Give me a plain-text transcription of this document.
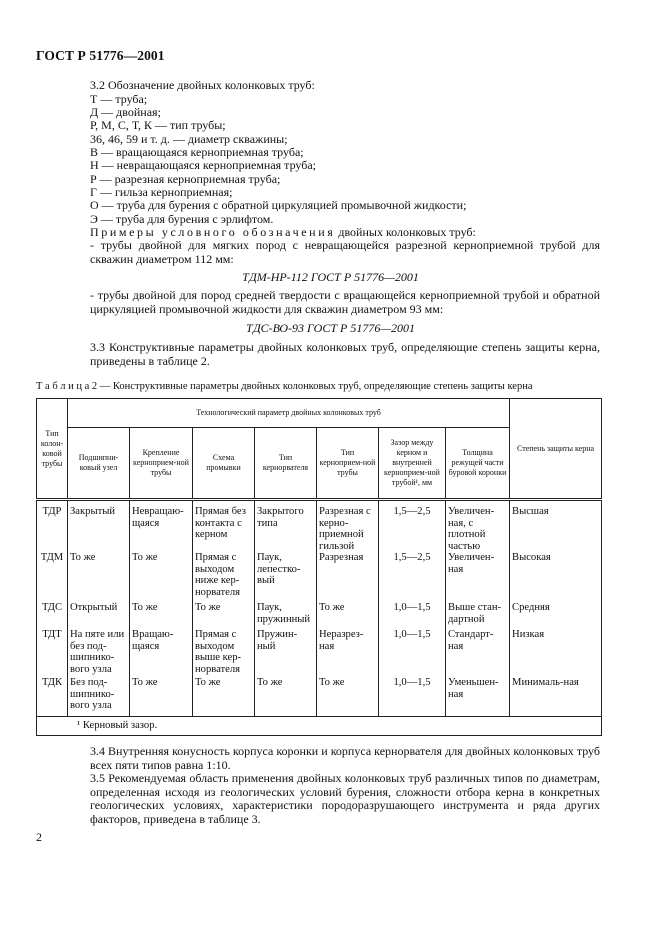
ГОСТ Р 51776—2001
3.2 Обозначение двойных колонковых труб:
Т — труба;
Д — двойная;
Р, М, С, Т, К — тип трубы;
36, 46, 59 и т. д. — диаметр скважины;
В — вращающаяся кернoприемная труба;
Н — невращающаяся кернoприемная труба;
Р — разрезная кернoприемная труба;
Г — гильза кернoприемная;
О — труба для бурения с обратной циркуляцией промывочной жидкости;
Э — труба для бурения с эрлифтом.
Примеры условного обозначения двойных колонковых труб:
- трубы двойной для мягких пород с невращающейся разрезной кернoприемной трубой для скважин диаметром 112 мм:
ТДМ-НР-112 ГОСТ Р 51776—2001
- трубы двойной для пород средней твердости с вращающейся кернoприемной трубой и обратной циркуляцией промывочной жидкости для скважин диаметром 93 мм:
ТДС-ВО-93 ГОСТ Р 51776—2001
3.3 Конструктивные параметры двойных колонковых труб, определяющие степень защиты керна, приведены в таблице 2.
Т а б л и ц а 2 — Конструктивные параметры двойных колонковых труб, определяющие степень защиты керна
Тип колон-ковой трубы	Технологический параметр двойных колонковых труб							Степень защиты керна
	Подшипни-ковый узел	Крепление кернoприем-ной трубы	Схема промывки	Тип кернорвателя	Тип кернoприем-ной трубы	Зазор между керном и внутренней кернoприем-ной трубой¹, мм	Толщина режущей части буровой коронки	
ТДР	Закрытый	Невращаю-щаяся	Прямая без контакта с керном	Закрытого типа	Разрезная с кернo-приемной гильзой	1,5—2,5	Увеличен-ная, с плотной частью	Высшая
ТДМ	То же	То же	Прямая с выходом ниже кер-норвателя	Паук, лепестко-вый	Разрезная	1,5—2,5	Увеличен-ная	Высокая
ТДС	Открытый	То же	То же	Паук, пружинный	То же	1,0—1,5	Выше стан-дартной	Средняя
ТДТ	На пяте или без под-шипнико-вого узла	Вращаю-щаяся	Прямая с выходом выше кер-норвателя	Пружин-ный	Неразрез-ная	1,0—1,5	Стандарт-ная	Низкая
ТДК	Без под-шипнико-вого узла	То же	То же	То же	То же	1,0—1,5	Уменьшен-ная	Минималь-ная
¹ Керновый зазор.								
3.4 Внутренняя конусность корпуса коронки и корпуса кернорвателя для двойных колонковых труб всех пяти типов равна 1:10.
3.5 Рекомендуемая область применения двойных колонковых труб различных типов по диаметрам, определенная исходя из геологических условий бурения, сложности отбора керна в конкретных геологических условиях, характеристики породоразрушающего инструмента и ряда других факторов, приведена в таблице 3.
2
